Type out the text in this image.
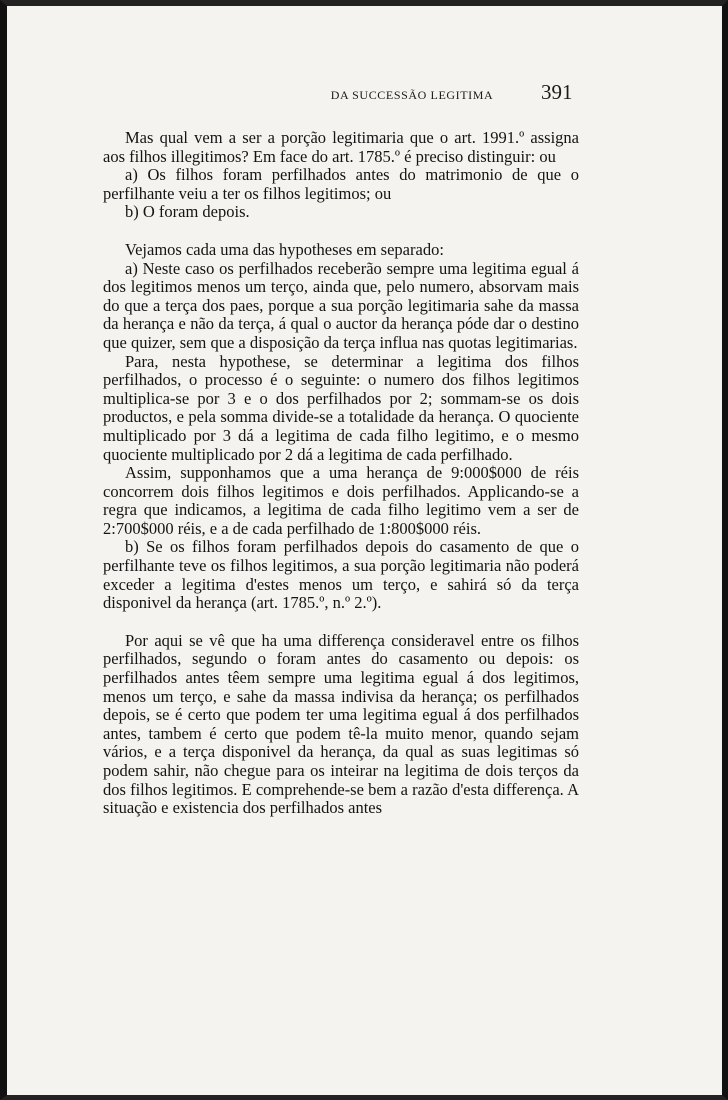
DA SUCCESSÃO LEGITIMA	391

Mas qual vem a ser a porção legitimaria que o art. 1991.º assigna aos filhos illegitimos? Em face do art. 1785.º é preciso distinguir: ou

a) Os filhos foram perfilhados antes do matrimonio de que o perfilhante veiu a ter os filhos legitimos; ou

b) O foram depois.

Vejamos cada uma das hypotheses em separado:

a) Neste caso os perfilhados receberão sempre uma legitima egual á dos legitimos menos um terço, ainda que, pelo numero, absorvam mais do que a terça dos paes, porque a sua porção legitimaria sahe da massa da herança e não da terça, á qual o auctor da herança póde dar o destino que quizer, sem que a disposição da terça influa nas quotas legitimarias.

Para, nesta hypothese, se determinar a legitima dos filhos perfilhados, o processo é o seguinte: o numero dos filhos legitimos multiplica-se por 3 e o dos perfilhados por 2; sommam-se os dois productos, e pela somma divide-se a totalidade da herança. O quociente multiplicado por 3 dá a legitima de cada filho legitimo, e o mesmo quociente multiplicado por 2 dá a legitima de cada perfilhado.

Assim, supponhamos que a uma herança de 9:000$000 de réis concorrem dois filhos legitimos e dois perfilhados. Applicando-se a regra que indicamos, a legitima de cada filho legitimo vem a ser de 2:700$000 réis, e a de cada perfilhado de 1:800$000 réis.

b) Se os filhos foram perfilhados depois do casamento de que o perfilhante teve os filhos legitimos, a sua porção legitimaria não poderá exceder a legitima d'estes menos um terço, e sahirá só da terça disponivel da herança (art. 1785.º, n.º 2.º).

Por aqui se vê que ha uma differença consideravel entre os filhos perfilhados, segundo o foram antes do casamento ou depois: os perfilhados antes têem sempre uma legitima egual á dos legitimos, menos um terço, e sahe da massa indivisa da herança; os perfilhados depois, se é certo que podem ter uma legitima egual á dos perfilhados antes, tambem é certo que podem tê-la muito menor, quando sejam vários, e a terça disponivel da herança, da qual as suas legitimas só podem sahir, não chegue para os inteirar na legitima de dois terços da dos filhos legitimos. E comprehende-se bem a razão d'esta differença. A situação e existencia dos perfilhados antes
